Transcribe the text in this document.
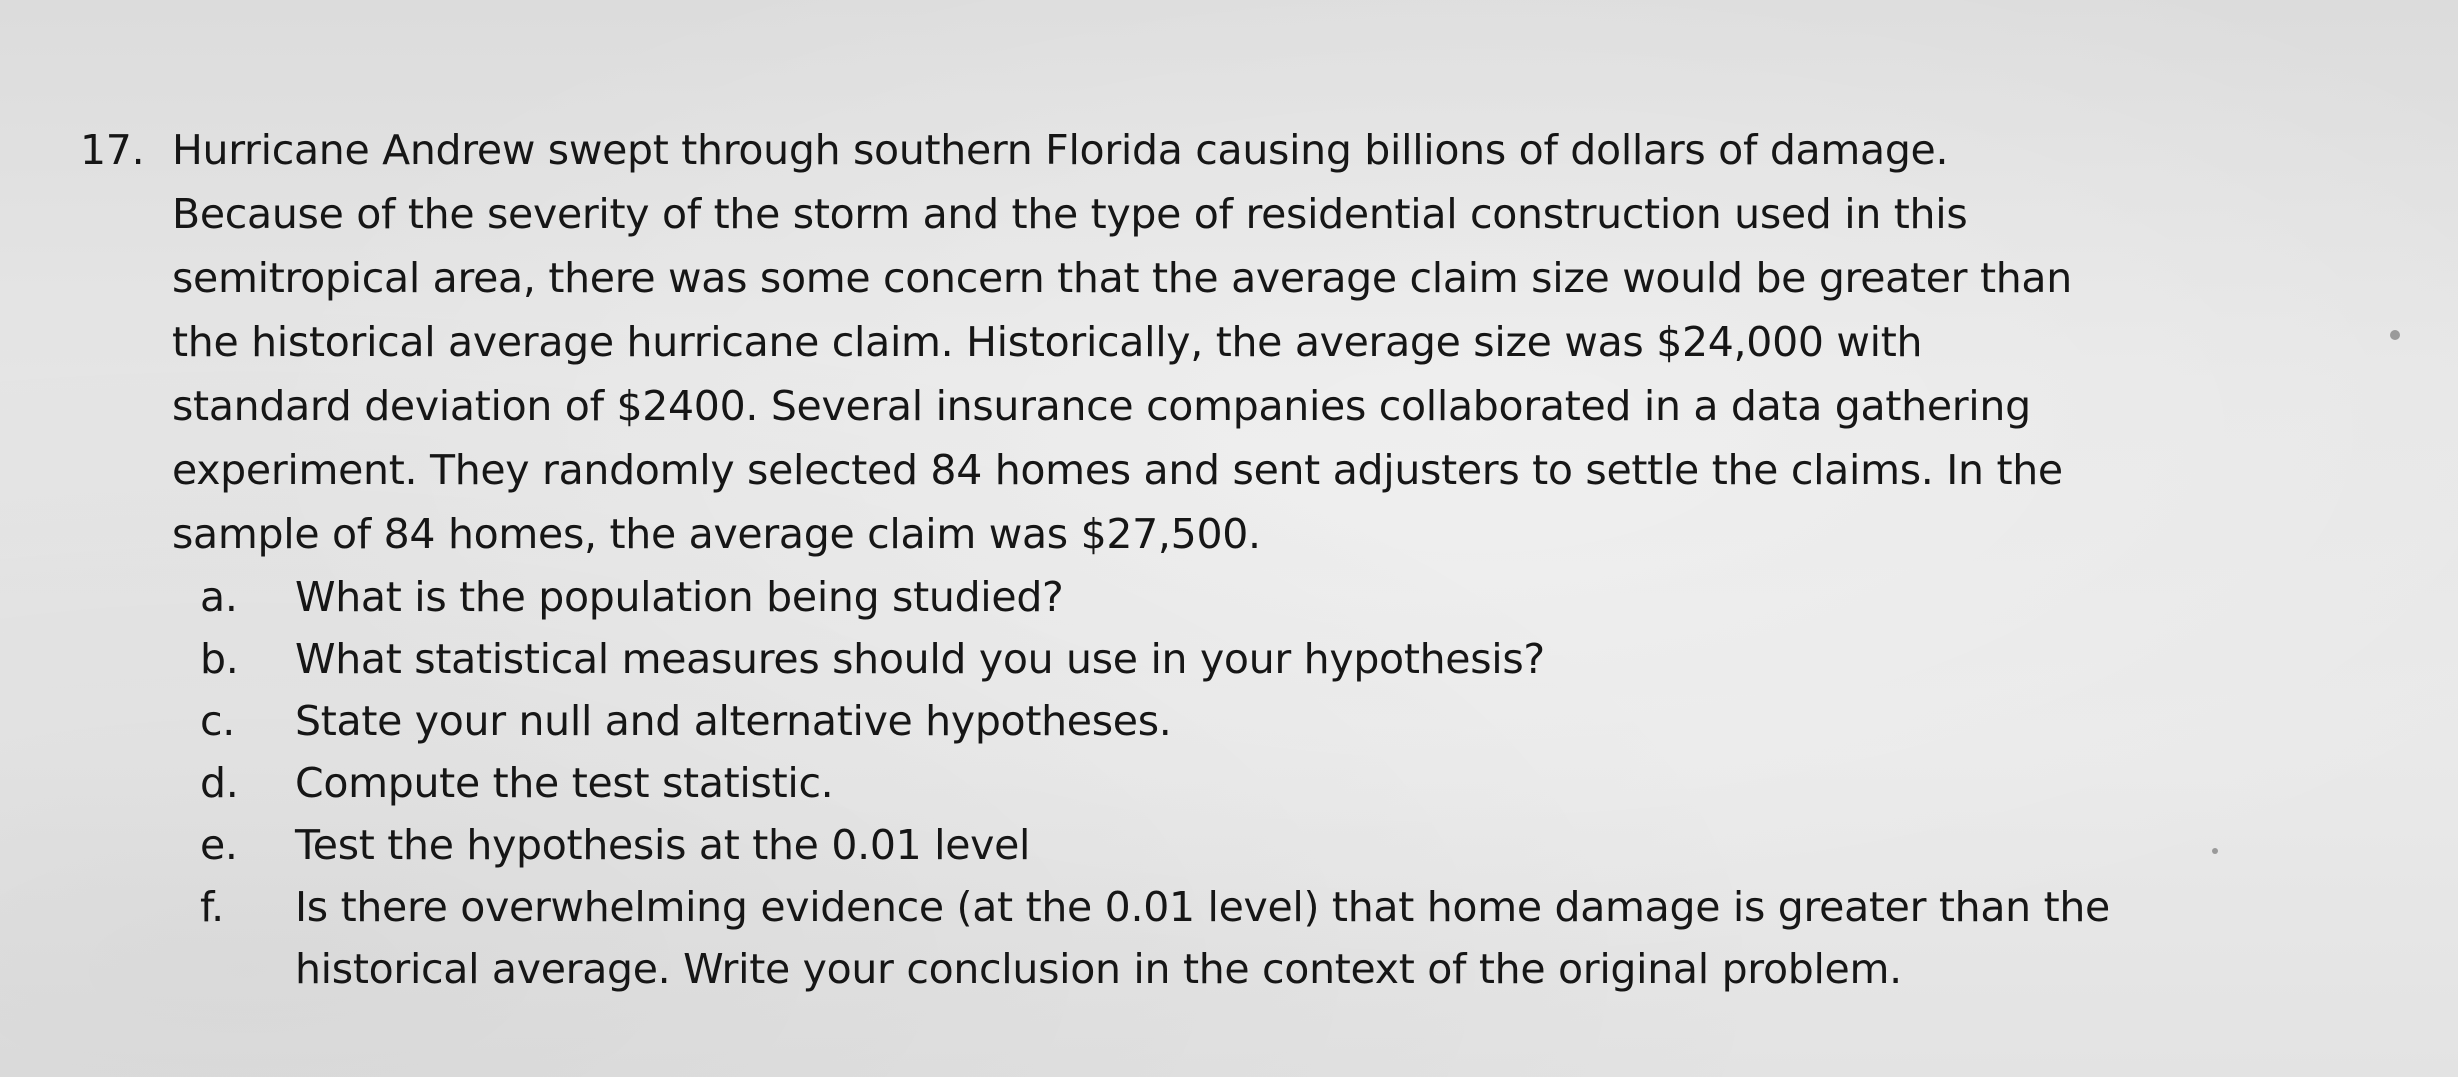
17. Hurricane Andrew swept through southern Florida causing billions of dollars of damage.
Because of the severity of the storm and the type of residential construction used in this
semitropical area, there was some concern that the average claim size would be greater than
the historical average hurricane claim. Historically, the average size was $24,000 with
standard deviation of $2400. Several insurance companies collaborated in a data gathering
experiment. They randomly selected 84 homes and sent adjusters to settle the claims. In the
sample of 84 homes, the average claim was $27,500.
a. What is the population being studied?
b. What statistical measures should you use in your hypothesis?
c. State your null and alternative hypotheses.
d. Compute the test statistic.
e. Test the hypothesis at the 0.01 level
f. Is there overwhelming evidence (at the 0.01 level) that home damage is greater than the
historical average. Write your conclusion in the context of the original problem.
